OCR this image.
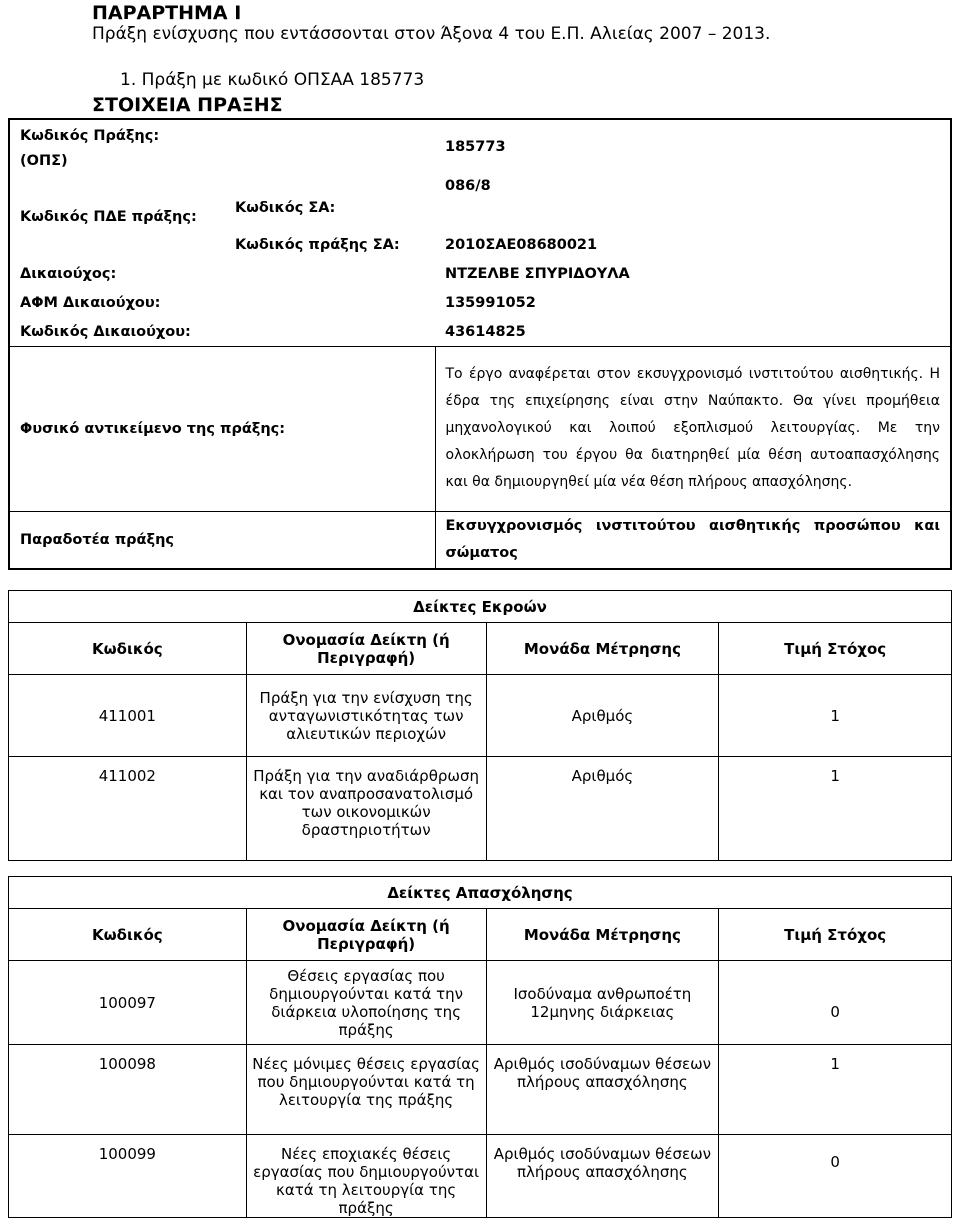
ΠΑΡΑΡΤΗΜΑ Ι
Πράξη ενίσχυσης που εντάσσονται στον Άξονα 4 του Ε.Π. Αλιείας 2007 – 2013.
1. Πράξη με κωδικό ΟΠΣΑΑ 185773
ΣΤΟΙΧΕΙΑ ΠΡΑΞΗΣ
Κωδικός Πράξης:
(ΟΠΣ)		185773
Κωδικός ΠΔΕ πράξης:	Κωδικός ΣΑ:	086/8
	Κωδικός πράξης ΣΑ:	2010ΣΑΕ08680021
Δικαιούχος:		ΝΤΖΕΛΒΕ ΣΠΥΡΙΔΟΥΛΑ
ΑΦΜ Δικαιούχου:		135991052
Κωδικός Δικαιούχου:		43614825
Φυσικό αντικείμενο της πράξης:		Το έργο αναφέρεται στον εκσυγχρονισμό ινστιτούτου αισθητικής. Η έδρα της επιχείρησης είναι στην Ναύπακτο. Θα γίνει προμήθεια μηχανολογικού και λοιπού εξοπλισμού λειτουργίας. Με την ολοκλήρωση του έργου θα διατηρηθεί μία θέση αυτοαπασχόλησης και θα δημιουργηθεί μία νέα θέση πλήρους απασχόλησης.
Παραδοτέα πράξης		Εκσυγχρονισμός ινστιτούτου αισθητικής προσώπου και σώματος
Δείκτες Εκροών			
Κωδικός	Ονομασία Δείκτη (ή Περιγραφή)	Μονάδα Μέτρησης	Τιμή Στόχος
411001	Πράξη για την ενίσχυση της ανταγωνιστικότητας των αλιευτικών περιοχών	Αριθμός	1
411002	Πράξη για την αναδιάρθρωση και τον αναπροσανατολισμό των οικονομικών δραστηριοτήτων	Αριθμός	1
Δείκτες Απασχόλησης			
Κωδικός	Ονομασία Δείκτη (ή Περιγραφή)	Μονάδα Μέτρησης	Τιμή Στόχος
100097	Θέσεις εργασίας που δημιουργούνται κατά την διάρκεια υλοποίησης της πράξης	Ισοδύναμα ανθρωποέτη 12μηνης διάρκειας	0
100098	Νέες μόνιμες θέσεις εργασίας που δημιουργούνται κατά τη λειτουργία της πράξης	Αριθμός ισοδύναμων θέσεων πλήρους απασχόλησης	1
100099	Νέες εποχιακές θέσεις εργασίας που δημιουργούνται κατά τη λειτουργία της πράξης	Αριθμός ισοδύναμων θέσεων πλήρους απασχόλησης	0
